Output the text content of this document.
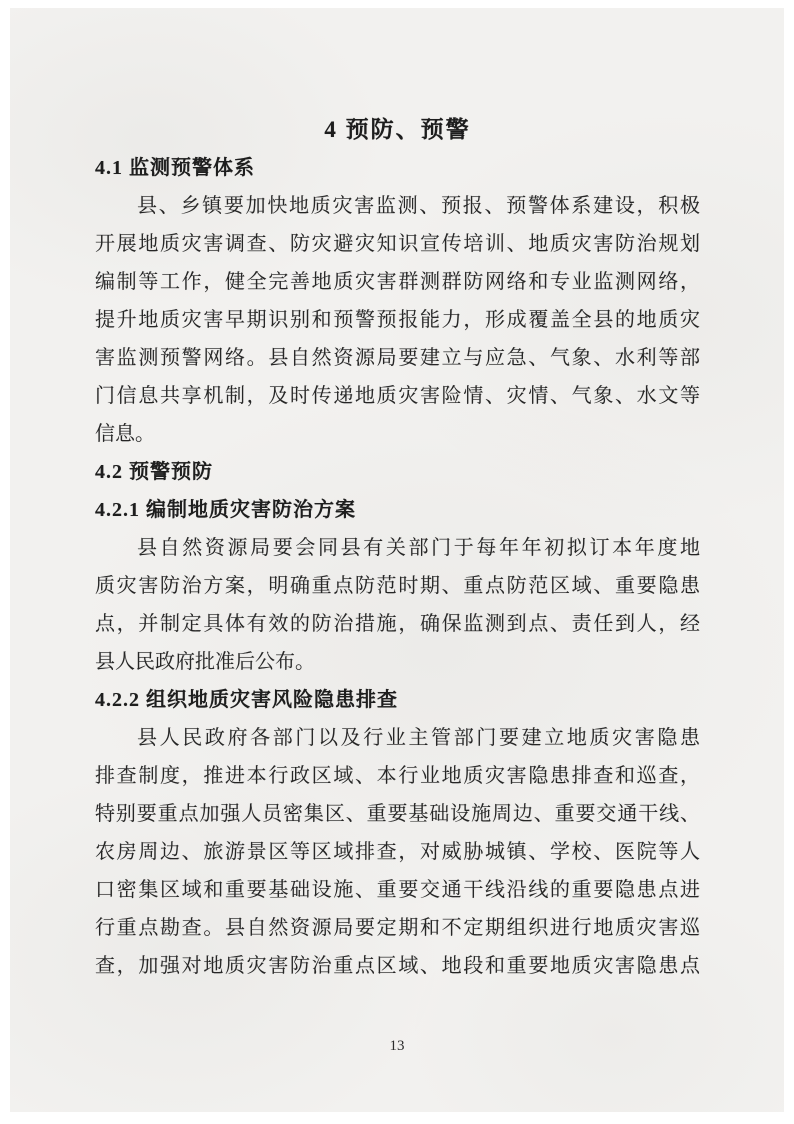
4 预防、预警
4.1 监测预警体系
县、乡镇要加快地质灾害监测、预报、预警体系建设，积极
开展地质灾害调查、防灾避灾知识宣传培训、地质灾害防治规划
编制等工作，健全完善地质灾害群测群防网络和专业监测网络，
提升地质灾害早期识别和预警预报能力，形成覆盖全县的地质灾
害监测预警网络。县自然资源局要建立与应急、气象、水利等部
门信息共享机制，及时传递地质灾害险情、灾情、气象、水文等
信息。
4.2 预警预防
4.2.1 编制地质灾害防治方案
县自然资源局要会同县有关部门于每年年初拟订本年度地
质灾害防治方案，明确重点防范时期、重点防范区域、重要隐患
点，并制定具体有效的防治措施，确保监测到点、责任到人，经
县人民政府批准后公布。
4.2.2 组织地质灾害风险隐患排查
县人民政府各部门以及行业主管部门要建立地质灾害隐患
排查制度，推进本行政区域、本行业地质灾害隐患排查和巡查，
特别要重点加强人员密集区、重要基础设施周边、重要交通干线、
农房周边、旅游景区等区域排查，对威胁城镇、学校、医院等人
口密集区域和重要基础设施、重要交通干线沿线的重要隐患点进
行重点勘查。县自然资源局要定期和不定期组织进行地质灾害巡
查，加强对地质灾害防治重点区域、地段和重要地质灾害隐患点
13
